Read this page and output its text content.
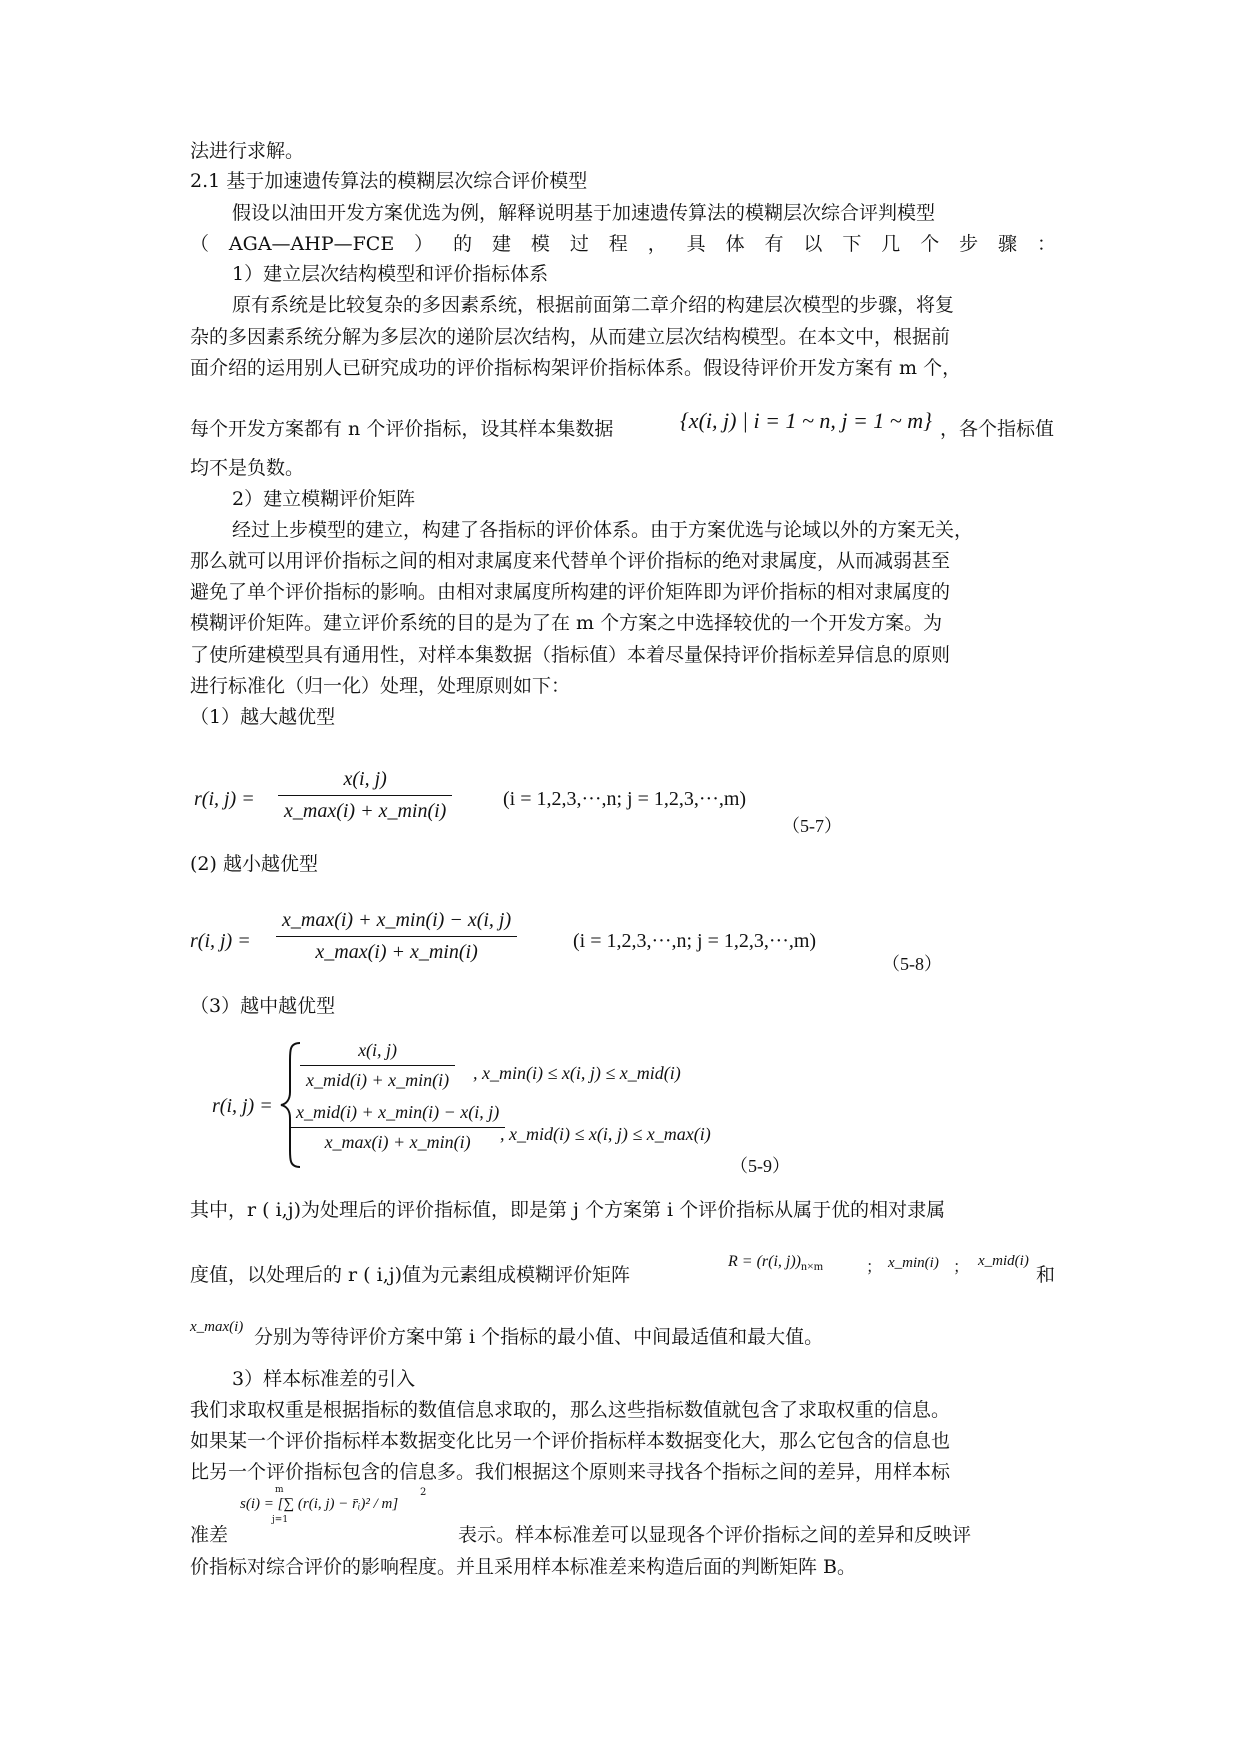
法进行求解。
2.1 基于加速遗传算法的模糊层次综合评价模型
假设以油田开发方案优选为例，解释说明基于加速遗传算法的模糊层次综合评判模型
（AGA—AHP—FCE）的建模过程，具体有以下几个步骤：
1）建立层次结构模型和评价指标体系
原有系统是比较复杂的多因素系统，根据前面第二章介绍的构建层次模型的步骤，将复
杂的多因素系统分解为多层次的递阶层次结构，从而建立层次结构模型。在本文中，根据前
面介绍的运用别人已研究成功的评价指标构架评价指标体系。假设待评价开发方案有 m 个，
每个开发方案都有 n 个评价指标，设其样本集数据	{x(i, j) | i = 1 ~ n, j = 1 ~ m} ，各个指标值
均不是负数。
2）建立模糊评价矩阵
经过上步模型的建立，构建了各指标的评价体系。由于方案优选与论域以外的方案无关，
那么就可以用评价指标之间的相对隶属度来代替单个评价指标的绝对隶属度，从而减弱甚至
避免了单个评价指标的影响。由相对隶属度所构建的评价矩阵即为评价指标的相对隶属度的
模糊评价矩阵。建立评价系统的目的是为了在 m 个方案之中选择较优的一个开发方案。为
了使所建模型具有通用性，对样本集数据（指标值）本着尽量保持评价指标差异信息的原则
进行标准化（归一化）处理，处理原则如下：
（1）越大越优型
r(i, $j) = \frac{x(i, j)}{x\_\max(i) + x\_\min(i)}$	(i = 1,2,3,···,n; j = 1,2,3,···,m)
（5-7）
(2) 越小越优型
r(i, $j) = \frac{x\_\max(i) + x\_\min(i) - x(i, j)}{x\_\max(i) + x\_\min(i)}$	(i = 1,2,3,···,n; j = 1,2,3,···,m)
（5-8）
（3）越中越优型
r(i, j) =
$\frac{x(i, j)}{\text{x\_mid(i) + x\_min(i)}}$ , x_min(i) ≤ x(i, j) ≤ x_mid(i)
$\frac{\text{x\_mid(i) + x\_min(i) − x(i, j)}}{x\_\max(i) + x\_\min(i)}$
, x_mid(i) ≤ x(i, j) ≤ x_max(i)
（5-9）
其中，r ( i,j)为处理后的评价指标值，即是第 j 个方案第 i 个评价指标从属于优的相对隶属
度值，以处理后的 r ( i,j)值为元素组成模糊评价矩阵
R = (r(i, $j))_{n\times m}$	； x_min(i) ； x_mid(i)
和
x_max(i) 分别为等待评价方案中第 i 个指标的最小值、中间最适值和最大值。
3）样本标准差的引入
我们求取权重是根据指标的数值信息求取的，那么这些指标数值就包含了求取权重的信息。
如果某一个评价指标样本数据变化比另一个评价指标样本数据变化大，那么它包含的信息也
比另一个评价指标包含的信息多。我们根据这个原则来寻找各个指标之间的差异，用样本标
准差
s(i) = [∑ (r(i, j) − r̄ᵢ)² / m]
2
m
j=1
表示。样本标准差可以显现各个评价指标之间的差异和反映评
价指标对综合评价的影响程度。并且采用样本标准差来构造后面的判断矩阵 B。
